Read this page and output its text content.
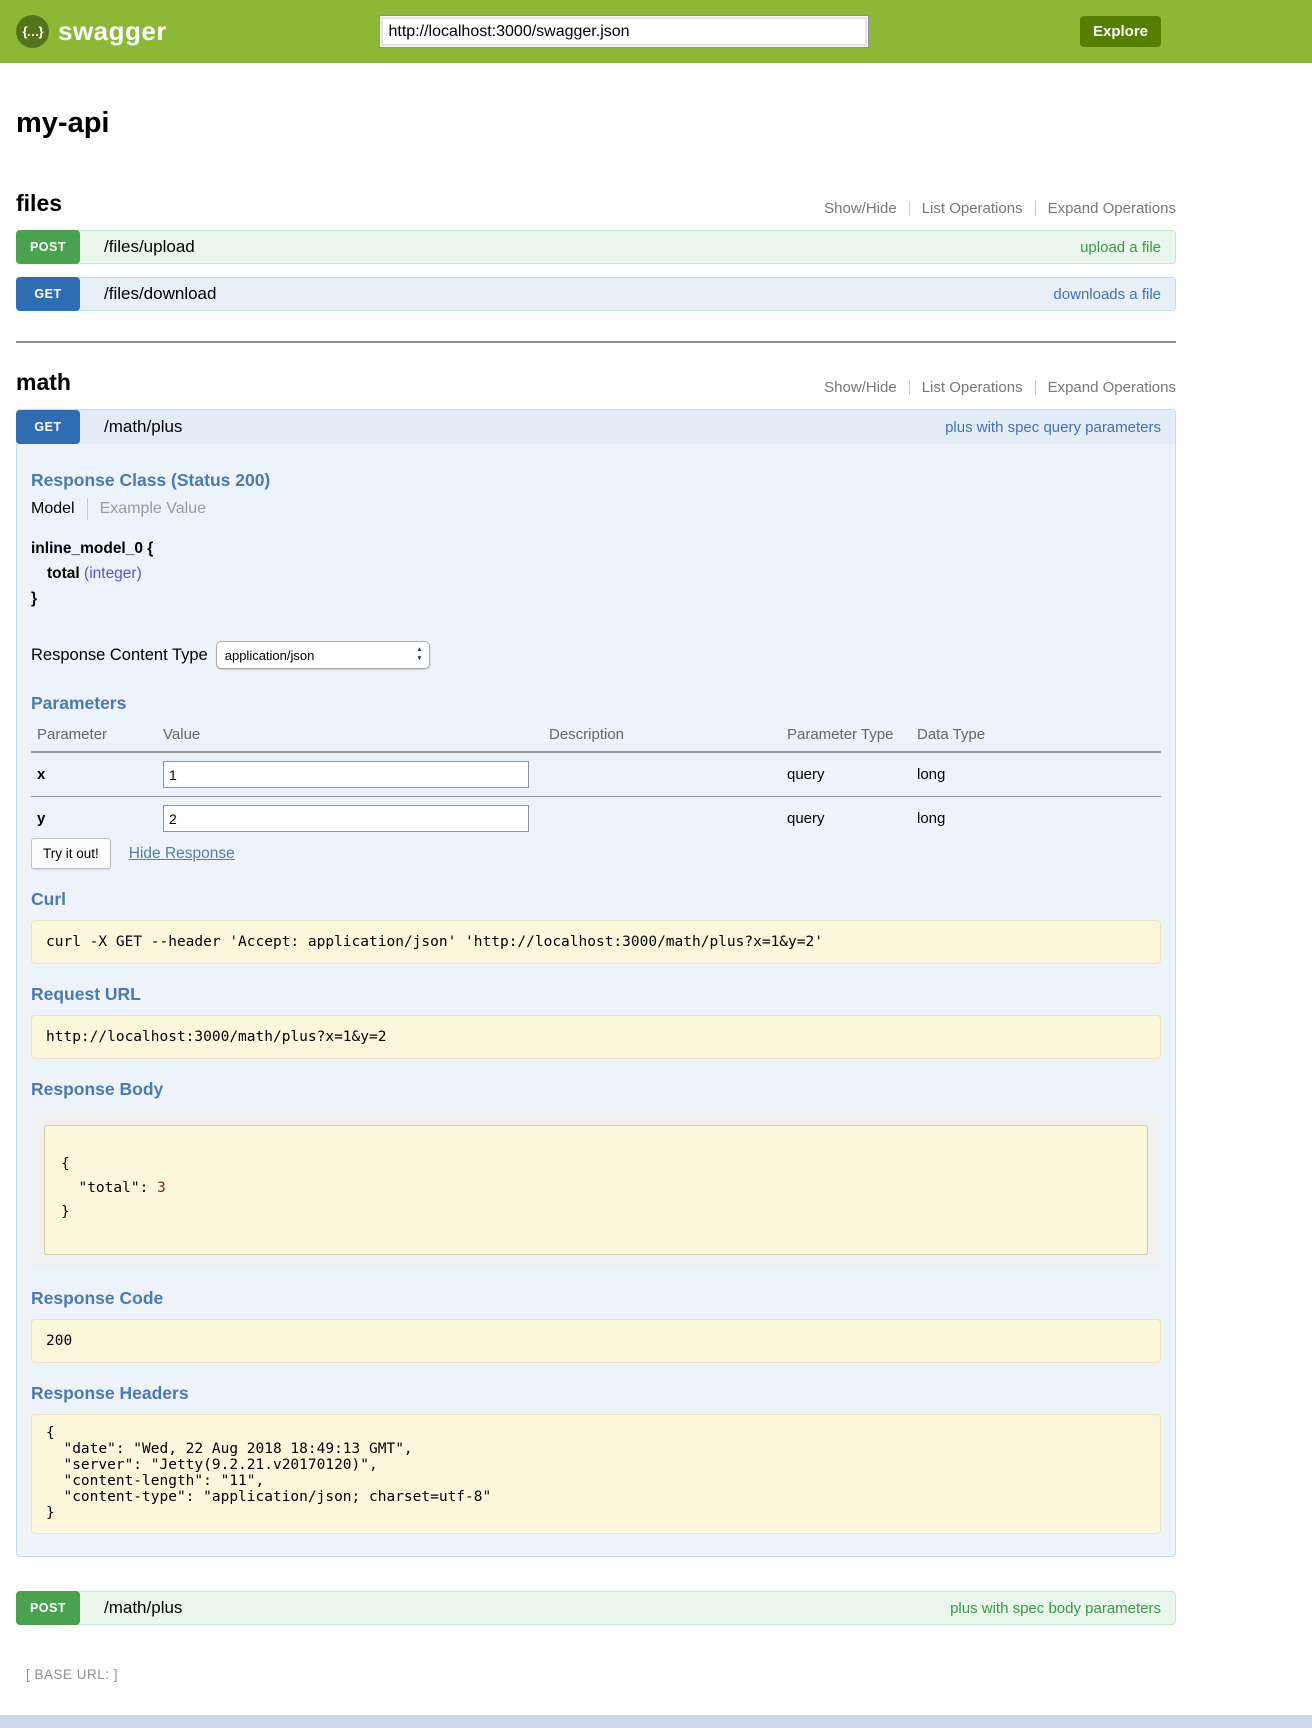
{…} swagger
http://localhost:3000/swagger.json	Explore
my-api
files	Show/Hide List Operations Expand Operations
POST	/files/upload	upload a file
GET	/files/download	downloads a file
math	Show/Hide List Operations Expand Operations
GET	/math/plus	plus with spec query parameters
Response Class (Status 200)
Model Example Value
inline_model_0 {
total (integer)
}
Response Content Type
application/json	▲
▼
Parameters
Parameter	Value	Description	Parameter Type	Data Type
x	1		query	long
y	2		query	long
Try it out!	Hide Response
Curl
curl -X GET --header 'Accept: application/json' 'http://localhost:3000/math/plus?x=1&y=2'
Request URL
http://localhost:3000/math/plus?x=1&y=2
Response Body
{
"total": 3
}
Response Code
200
Response Headers
{
"date": "Wed, 22 Aug 2018 18:49:13 GMT",
"server": "Jetty(9.2.21.v20170120)",
"content-length": "11",
"content-type": "application/json; charset=utf-8"
}
POST	/math/plus	plus with spec body parameters
[ BASE URL: ]
